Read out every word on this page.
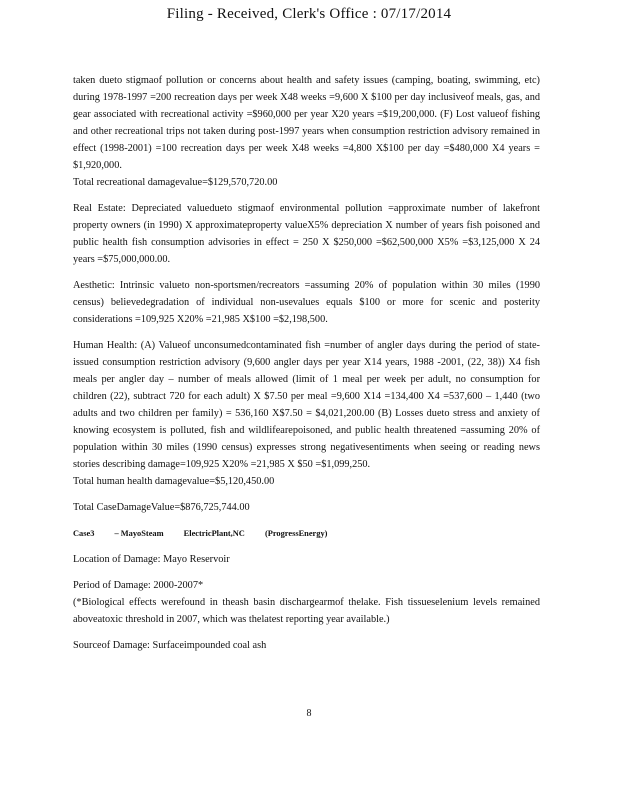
Filing - Received, Clerk's Office : 07/17/2014

taken dueto stigmaof pollution or concerns about health and safety issues (camping, boating, swimming, etc) during 1978-1997 =200 recreation days per week X48 weeks =9,600 X $100 per day inclusiveof meals, gas, and gear associated with recreational activity =$960,000 per year X20 years =$19,200,000. (F) Lost valueof fishing and other recreational trips not taken during post-1997 years when consumption restriction advisory remained in effect (1998-2001) =100 recreation days per week X48 weeks =4,800 X$100 per day =$480,000 X4 years = $1,920,000.
Total recreational damagevalue=$129,570,720.00

Real Estate: Depreciated valuedueto stigmaof environmental pollution =approximate number of lakefront property owners (in 1990) X approximateproperty valueX5% depreciation X number of years fish poisoned and public health fish consumption advisories in effect = 250 X $250,000 =$62,500,000 X5% =$3,125,000 X 24 years =$75,000,000.00.

Aesthetic: Intrinsic valueto non-sportsmen/recreators =assuming 20% of population within 30 miles (1990 census) believedegradation of individual non-usevalues equals $100 or more for scenic and posterity considerations =109,925 X20% =21,985 X$100 =$2,198,500.

Human Health: (A) Valueof unconsumedcontaminated fish =number of angler days during the period of state-issued consumption restriction advisory (9,600 angler days per year X14 years, 1988 -2001, (22, 38)) X4 fish meals per angler day – number of meals allowed (limit of 1 meal per week per adult, no consumption for children (22), subtract 720 for each adult) X $7.50 per meal =9,600 X14 =134,400 X4 =537,600 – 1,440 (two adults and two children per family) = 536,160 X$7.50 = $4,021,200.00 (B) Losses dueto stress and anxiety of knowing ecosystem is polluted, fish and wildlifearepoisoned, and public health threatened =assuming 20% of population within 30 miles (1990 census) expresses strong negativesentiments when seeing or reading news stories describing damage=109,925 X20% =21,985 X $50 =$1,099,250.
Total human health damagevalue=$5,120,450.00

Total CaseDamageValue=$876,725,744.00

Case3 – MayoSteam ElectricPlant,NC (ProgressEnergy)

Location of Damage: Mayo Reservoir

Period of Damage: 2000-2007*
(*Biological effects werefound in theash basin dischargearmof thelake. Fish tissueselenium levels remained aboveatoxic threshold in 2007, which was thelatest reporting year available.)

Sourceof Damage: Surfaceimpounded coal ash

8
